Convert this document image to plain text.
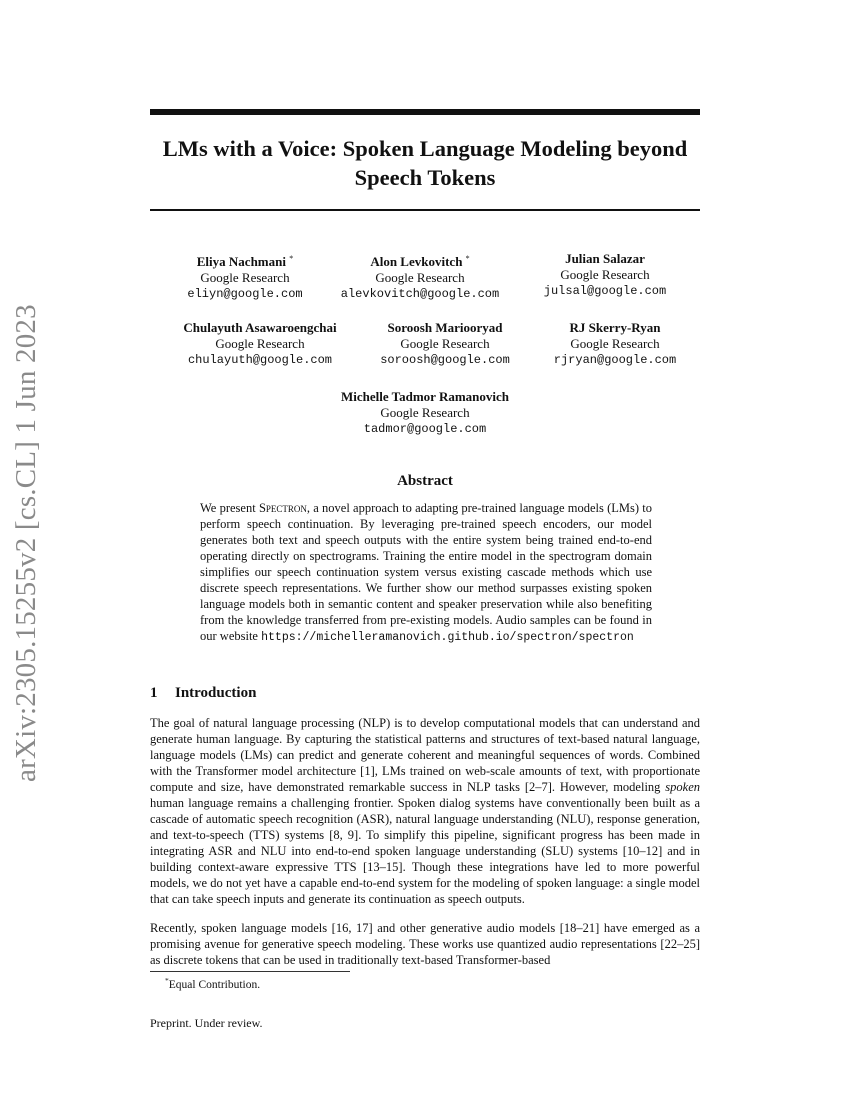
arXiv:2305.15255v2 [cs.CL] 1 Jun 2023
LMs with a Voice: Spoken Language Modeling beyond Speech Tokens
Eliya Nachmani *
Google Research
eliyn@google.com
Alon Levkovitch *
Google Research
alevkovitch@google.com
Julian Salazar
Google Research
julsal@google.com
Chulayuth Asawaroengchai
Google Research
chulayuth@google.com
Soroosh Mariooryad
Google Research
soroosh@google.com
RJ Skerry-Ryan
Google Research
rjryan@google.com
Michelle Tadmor Ramanovich
Google Research
tadmor@google.com
Abstract

We present Spectron, a novel approach to adapting pre-trained language models (LMs) to perform speech continuation. By leveraging pre-trained speech encoders, our model generates both text and speech outputs with the entire system being trained end-to-end operating directly on spectrograms. Training the entire model in the spectrogram domain simplifies our speech continuation system versus existing cascade methods which use discrete speech representations. We further show our method surpasses existing spoken language models both in semantic content and speaker preservation while also benefiting from the knowledge transferred from pre-existing models. Audio samples can be found in our website https://michelleramanovich.github.io/spectron/spectron

1 Introduction

The goal of natural language processing (NLP) is to develop computational models that can understand and generate human language. By capturing the statistical patterns and structures of text-based natural language, language models (LMs) can predict and generate coherent and meaningful sequences of words. Combined with the Transformer model architecture [1], LMs trained on web-scale amounts of text, with proportionate compute and size, have demonstrated remarkable success in NLP tasks [2–7]. However, modeling spoken human language remains a challenging frontier. Spoken dialog systems have conventionally been built as a cascade of automatic speech recognition (ASR), natural language understanding (NLU), response generation, and text-to-speech (TTS) systems [8, 9]. To simplify this pipeline, significant progress has been made in integrating ASR and NLU into end-to-end spoken language understanding (SLU) systems [10–12] and in building context-aware expressive TTS [13–15]. Though these integrations have led to more powerful models, we do not yet have a capable end-to-end system for the modeling of spoken language: a single model that can take speech inputs and generate its continuation as speech outputs.

Recently, spoken language models [16, 17] and other generative audio models [18–21] have emerged as a promising avenue for generative speech modeling. These works use quantized audio representations [22–25] as discrete tokens that can be used in traditionally text-based Transformer-based

*Equal Contribution.

Preprint. Under review.
